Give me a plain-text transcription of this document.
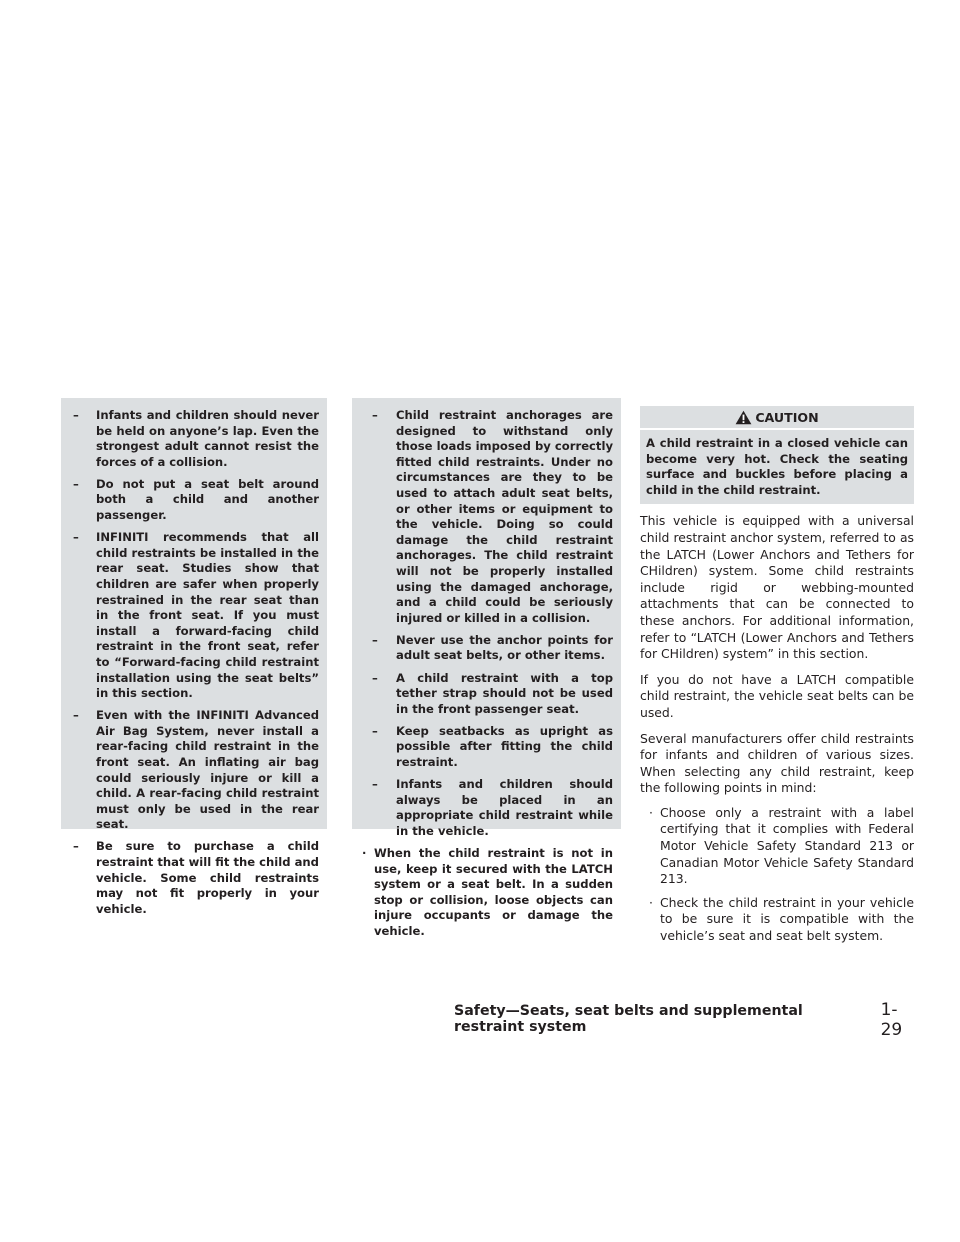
– Infants and children should never be held on anyone’s lap. Even the strongest adult cannot resist the forces of a collision.
– Do not put a seat belt around both a child and another passenger.
– INFINITI recommends that all child restraints be installed in the rear seat. Studies show that children are safer when properly restrained in the rear seat than in the front seat. If you must install a forward-facing child restraint in the front seat, refer to “Forward-facing child restraint installation using the seat belts” in this section.
– Even with the INFINITI Advanced Air Bag System, never install a rear-facing child restraint in the front seat. An inflating air bag could seriously injure or kill a child. A rear-facing child restraint must only be used in the rear seat.
– Be sure to purchase a child restraint that will fit the child and vehicle. Some child restraints may not fit properly in your vehicle.
– Child restraint anchorages are designed to withstand only those loads imposed by correctly fitted child restraints. Under no circumstances are they to be used to attach adult seat belts, or other items or equipment to the vehicle. Doing so could damage the child restraint anchorages. The child restraint will not be properly installed using the damaged anchorage, and a child could be seriously injured or killed in a collision.
– Never use the anchor points for adult seat belts, or other items.
– A child restraint with a top tether strap should not be used in the front passenger seat.
– Keep seatbacks as upright as possible after fitting the child restraint.
– Infants and children should always be placed in an appropriate child restraint while in the vehicle.
· When the child restraint is not in use, keep it secured with the LATCH system or a seat belt. In a sudden stop or collision, loose objects can injure occupants or damage the vehicle.
CAUTION
A child restraint in a closed vehicle can become very hot. Check the seating surface and buckles before placing a child in the child restraint.

This vehicle is equipped with a universal child restraint anchor system, referred to as the LATCH (Lower Anchors and Tethers for CHildren) system. Some child restraints include rigid or webbing-mounted attachments that can be connected to these anchors. For additional information, refer to “LATCH (Lower Anchors and Tethers for CHildren) system” in this section.

If you do not have a LATCH compatible child restraint, the vehicle seat belts can be used.

Several manufacturers offer child restraints for infants and children of various sizes. When selecting any child restraint, keep the following points in mind:

· Choose only a restraint with a label certifying that it complies with Federal Motor Vehicle Safety Standard 213 or Canadian Motor Vehicle Safety Standard 213.
· Check the child restraint in your vehicle to be sure it is compatible with the vehicle’s seat and seat belt system.
Safety—Seats, seat belts and supplemental restraint system
1-29
